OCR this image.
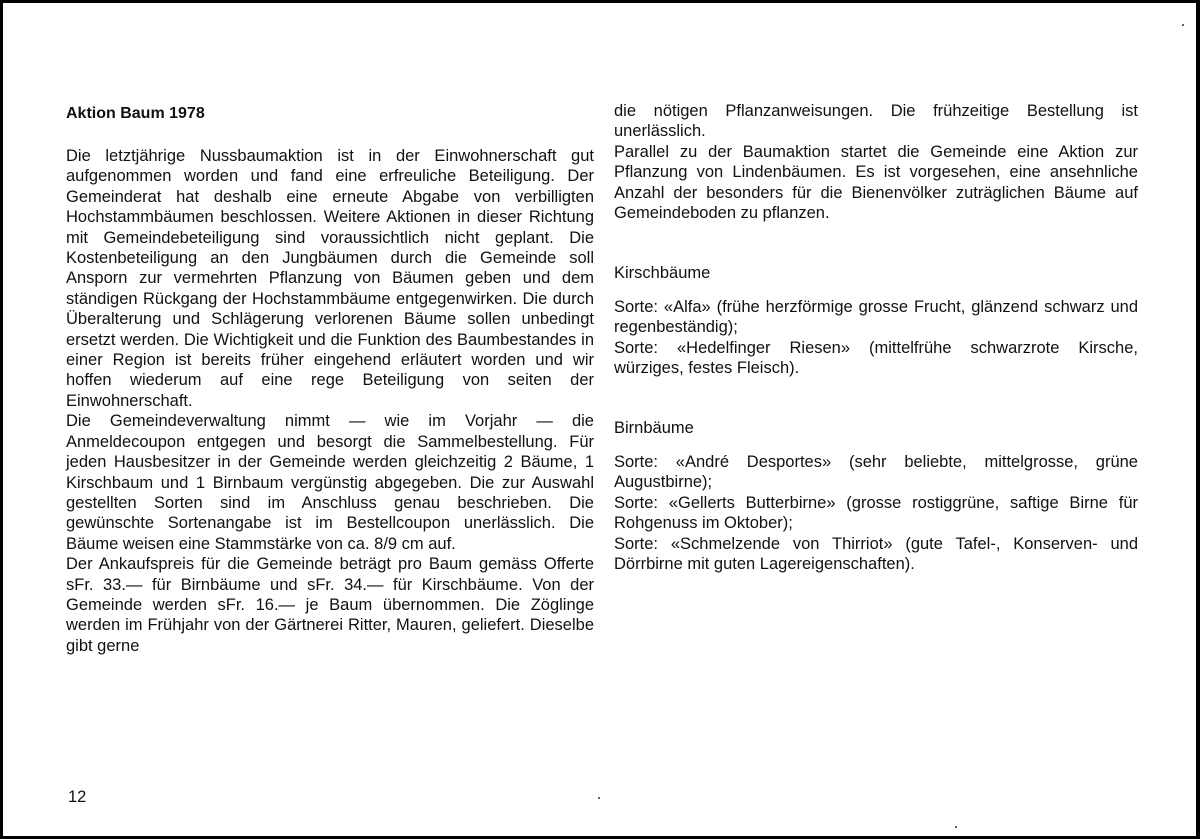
Aktion Baum 1978

Die letztjährige Nussbaumaktion ist in der Einwohnerschaft gut aufgenommen worden und fand eine erfreuliche Beteiligung. Der Gemeinderat hat deshalb eine erneute Abgabe von verbilligten Hochstammbäumen beschlossen. Weitere Aktionen in dieser Richtung mit Gemeindebeteiligung sind voraussichtlich nicht geplant. Die Kostenbeteiligung an den Jungbäumen durch die Gemeinde soll Ansporn zur vermehrten Pflanzung von Bäumen geben und dem ständigen Rückgang der Hochstammbäume entgegenwirken. Die durch Überalterung und Schlägerung verlorenen Bäume sollen unbedingt ersetzt werden. Die Wichtigkeit und die Funktion des Baumbestandes in einer Region ist bereits früher eingehend erläutert worden und wir hoffen wiederum auf eine rege Beteiligung von seiten der Einwohnerschaft.

Die Gemeindeverwaltung nimmt — wie im Vorjahr — die Anmeldecoupon entgegen und besorgt die Sammelbestellung. Für jeden Hausbesitzer in der Gemeinde werden gleichzeitig 2 Bäume, 1 Kirschbaum und 1 Birnbaum vergünstig abgegeben. Die zur Auswahl gestellten Sorten sind im Anschluss genau beschrieben. Die gewünschte Sortenangabe ist im Bestellcoupon unerlässlich. Die Bäume weisen eine Stammstärke von ca. 8/9 cm auf.

Der Ankaufspreis für die Gemeinde beträgt pro Baum gemäss Offerte sFr. 33.— für Birnbäume und sFr. 34.— für Kirschbäume. Von der Gemeinde werden sFr. 16.— je Baum übernommen. Die Zöglinge werden im Frühjahr von der Gärtnerei Ritter, Mauren, geliefert. Dieselbe gibt gerne

die nötigen Pflanzanweisungen. Die frühzeitige Bestellung ist unerlässlich.

Parallel zu der Baumaktion startet die Gemeinde eine Aktion zur Pflanzung von Lindenbäumen. Es ist vorgesehen, eine ansehnliche Anzahl der besonders für die Bienenvölker zuträglichen Bäume auf Gemeindeboden zu pflanzen.

Kirschbäume

Sorte: «Alfa» (frühe herzförmige grosse Frucht, glänzend schwarz und regenbeständig);

Sorte: «Hedelfinger Riesen» (mittelfrühe schwarzrote Kirsche, würziges, festes Fleisch).

Birnbäume

Sorte: «André Desportes» (sehr beliebte, mittelgrosse, grüne Augustbirne);

Sorte: «Gellerts Butterbirne» (grosse rostiggrüne, saftige Birne für Rohgenuss im Oktober);

Sorte: «Schmelzende von Thirriot» (gute Tafel-, Konserven- und Dörrbirne mit guten Lagereigenschaften).

12
